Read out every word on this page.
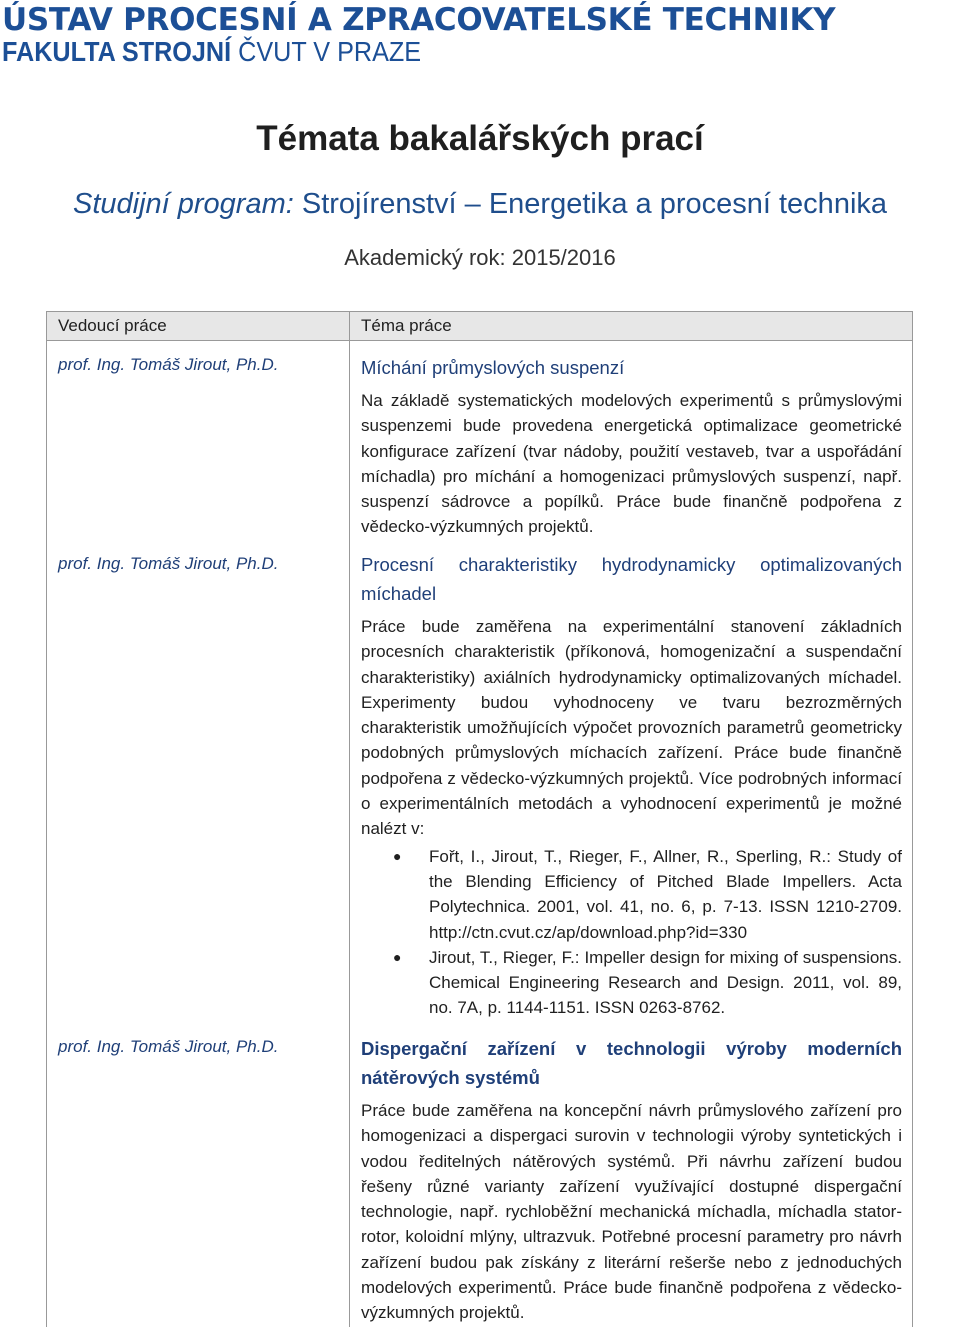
ÚSTAV PROCESNÍ A ZPRACOVATELSKÉ TECHNIKY
FAKULTA STROJNÍ ČVUT V PRAZE
Témata bakalářských prací
Studijní program: Strojírenství – Energetika a procesní technika
Akademický rok: 2015/2016
Vedoucí práce	Téma práce
prof. Ing. Tomáš Jirout, Ph.D.	Míchání průmyslových suspenzí
Na základě systematických modelových experimentů s průmyslovými suspenzemi bude provedena energetická optimalizace geometrické konfigurace zařízení (tvar nádoby, použití vestaveb, tvar a uspořádání míchadla) pro míchání a homogenizaci průmyslových suspenzí, např. suspenzí sádrovce a popílků. Práce bude finančně podpořena z vědecko-výzkumných projektů.
prof. Ing. Tomáš Jirout, Ph.D.	Procesní charakteristiky hydrodynamicky optimalizovaných míchadel
Práce bude zaměřena na experimentální stanovení základních procesních charakteristik (příkonová, homogenizační a suspendační charakteristiky) axiálních hydrodynamicky optimalizovaných míchadel. Experimenty budou vyhodnoceny ve tvaru bezrozměrných charakteristik umožňujících výpočet provozních parametrů geometricky podobných průmyslových míchacích zařízení. Práce bude finančně podpořena z vědecko-výzkumných projektů. Více podrobných informací o experimentálních metodách a vyhodnocení experimentů je možné nalézt v:
● Fořt, I., Jirout, T., Rieger, F., Allner, R., Sperling, R.: Study of the Blending Efficiency of Pitched Blade Impellers. Acta Polytechnica. 2001, vol. 41, no. 6, p. 7-13. ISSN 1210-2709. http://ctn.cvut.cz/ap/download.php?id=330
● Jirout, T., Rieger, F.: Impeller design for mixing of suspensions. Chemical Engineering Research and Design. 2011, vol. 89, no. 7A, p. 1144-1151. ISSN 0263-8762.
prof. Ing. Tomáš Jirout, Ph.D.	Dispergační zařízení v technologii výroby moderních nátěrových systémů
Práce bude zaměřena na koncepční návrh průmyslového zařízení pro homogenizaci a dispergaci surovin v technologii výroby syntetických i vodou ředitelných nátěrových systémů. Při návrhu zařízení budou řešeny různé varianty zařízení využívající dostupné dispergační technologie, např. rychloběžní mechanická míchadla, míchadla stator-rotor, koloidní mlýny, ultrazvuk. Potřebné procesní parametry pro návrh zařízení budou pak získány z literární rešerše nebo z jednoduchých modelových experimentů. Práce bude finančně podpořena z vědecko-výzkumných projektů.
